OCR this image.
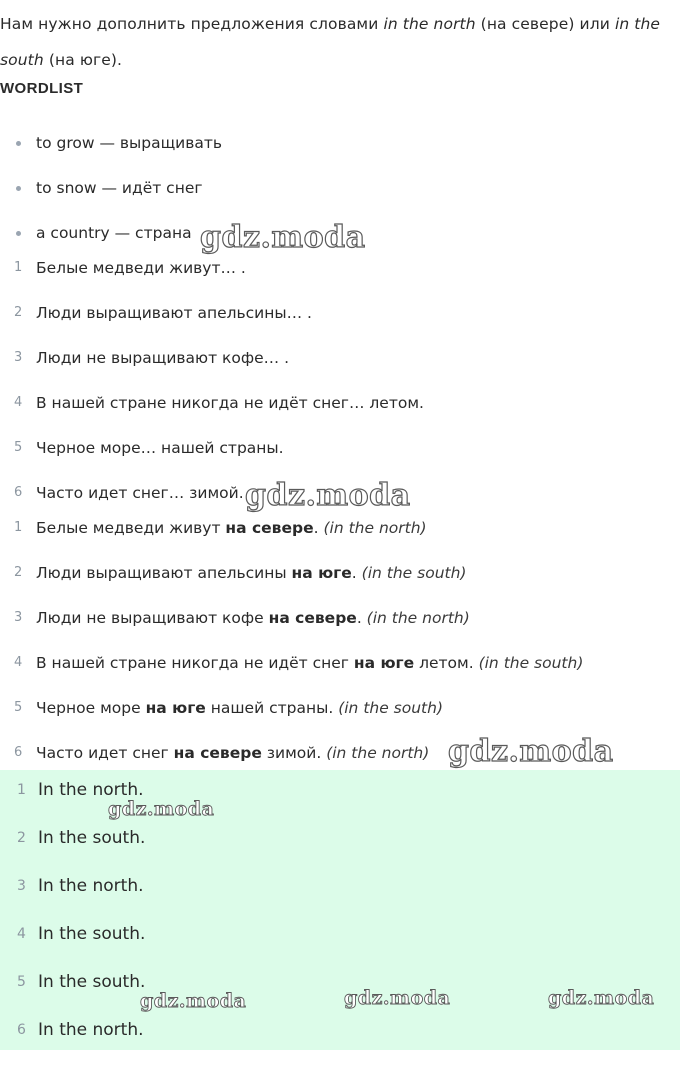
Нам нужно дополнить предложения словами in the north (на севере) или in the south (на юге).
WORDLIST
to grow — выращивать
to snow — идёт снег
a country — страна
1 Белые медведи живут… .
2 Люди выращивают апельсины… .
3 Люди не выращивают кофе… .
4 В нашей стране никогда не идёт снег… летом.
5 Черное море… нашей страны.
6 Часто идет снег… зимой.
1 Белые медведи живут на севере. (in the north)
2 Люди выращивают апельсины на юге. (in the south)
3 Люди не выращивают кофе на севере. (in the north)
4 В нашей стране никогда не идёт снег на юге летом. (in the south)
5 Черное море на юге нашей страны. (in the south)
6 Часто идет снег на севере зимой. (in the north)
1 In the north.
2 In the south.
3 In the north.
4 In the south.
5 In the south.
6 In the north.
gdz.moda
gdz.moda
gdz.moda
gdz.moda
gdz.moda	gdz.moda	gdz.moda
